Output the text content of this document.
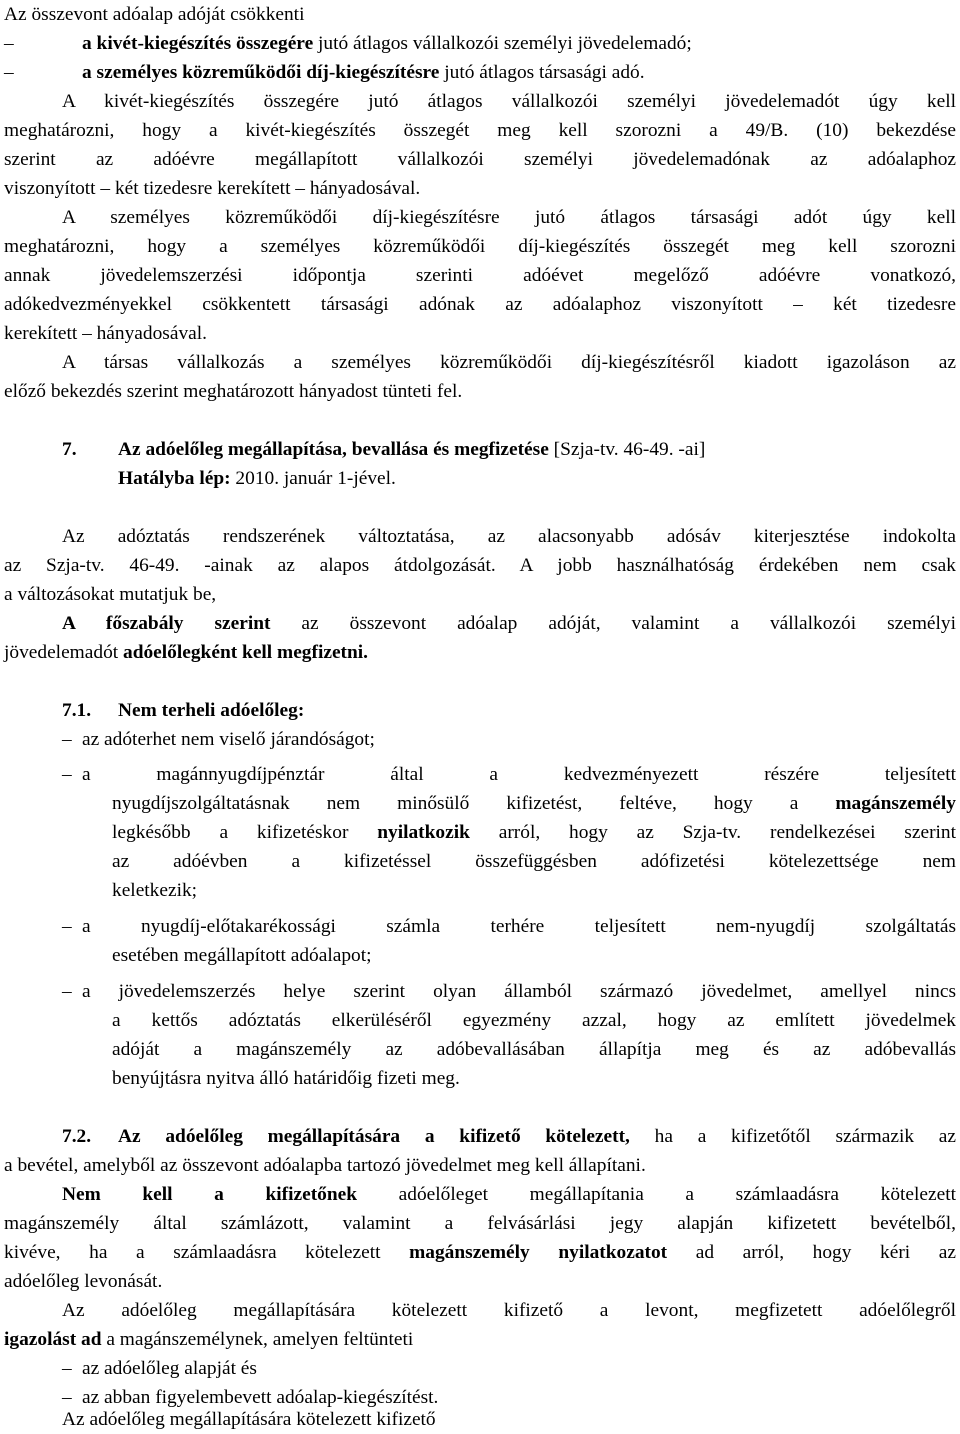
Az összevont adóalap adóját csökkenti
–	a kivét-kiegészítés összegére jutó átlagos vállalkozói személyi jövedelemadó;
–	a személyes közreműködői díj-kiegészítésre jutó átlagos társasági adó.
A kivét-kiegészítés összegére jutó átlagos vállalkozói személyi jövedelemadót úgy kell
meghatározni, hogy a kivét-kiegészítés összegét meg kell szorozni a 49/B. (10) bekezdése
szerint az adóévre megállapított vállalkozói személyi jövedelemadónak az adóalaphoz
viszonyított – két tizedesre kerekített – hányadosával.
A személyes közreműködői díj-kiegészítésre jutó átlagos társasági adót úgy kell
meghatározni, hogy a személyes közreműködői díj-kiegészítés összegét meg kell szorozni
annak jövedelemszerzési időpontja szerinti adóévet megelőző adóévre vonatkozó,
adókedvezményekkel csökkentett társasági adónak az adóalaphoz viszonyított – két tizedesre
kerekített – hányadosával.
A társas vállalkozás a személyes közreműködői díj-kiegészítésről kiadott igazoláson az
előző bekezdés szerint meghatározott hányadost tünteti fel.
7.	Az adóelőleg megállapítása, bevallása és megfizetése [Szja-tv. 46-49. -ai]
Hatályba lép: 2010. január 1-jével.
Az adóztatás rendszerének változtatása, az alacsonyabb adósáv kiterjesztése indokolta
az Szja-tv. 46-49. -ainak az alapos átdolgozását. A jobb használhatóság érdekében nem csak
a változásokat mutatjuk be,
A főszabály szerint az összevont adóalap adóját, valamint a vállalkozói személyi
jövedelemadót adóelőlegként kell megfizetni.
7.1.	Nem terheli adóelőleg:
– az adóterhet nem viselő járandóságot;
– a magánnyugdíjpénztár által a kedvezményezett részére teljesített
nyugdíjszolgáltatásnak nem minősülő kifizetést, feltéve, hogy a magánszemély
legkésőbb a kifizetéskor nyilatkozik arról, hogy az Szja-tv. rendelkezései szerint
az adóévben a kifizetéssel összefüggésben adófizetési kötelezettsége nem
keletkezik;
– a nyugdíj-előtakarékossági számla terhére teljesített nem-nyugdíj szolgáltatás
esetében megállapított adóalapot;
– a jövedelemszerzés helye szerint olyan államból származó jövedelmet, amellyel nincs
a kettős adóztatás elkerüléséről egyezmény azzal, hogy az említett jövedelmek
adóját a magánszemély az adóbevallásában állapítja meg és az adóbevallás
benyújtásra nyitva álló határidőig fizeti meg.
7.2.	Az adóelőleg megállapítására a kifizető kötelezett, ha a kifizetőtől származik az
a bevétel, amelyből az összevont adóalapba tartozó jövedelmet meg kell állapítani.
Nem kell a kifizetőnek adóelőleget megállapítania a számlaadásra kötelezett
magánszemély által számlázott, valamint a felvásárlási jegy alapján kifizetett bevételből,
kivéve, ha a számlaadásra kötelezett magánszemély nyilatkozatot ad arról, hogy kéri az
adóelőleg levonását.
Az adóelőleg megállapítására kötelezett kifizető a levont, megfizetett adóelőlegről
igazolást ad a magánszemélynek, amelyen feltünteti
– az adóelőleg alapját és
– az abban figyelembevett adóalap-kiegészítést.
Az adóelőleg megállapítására kötelezett kifizető
